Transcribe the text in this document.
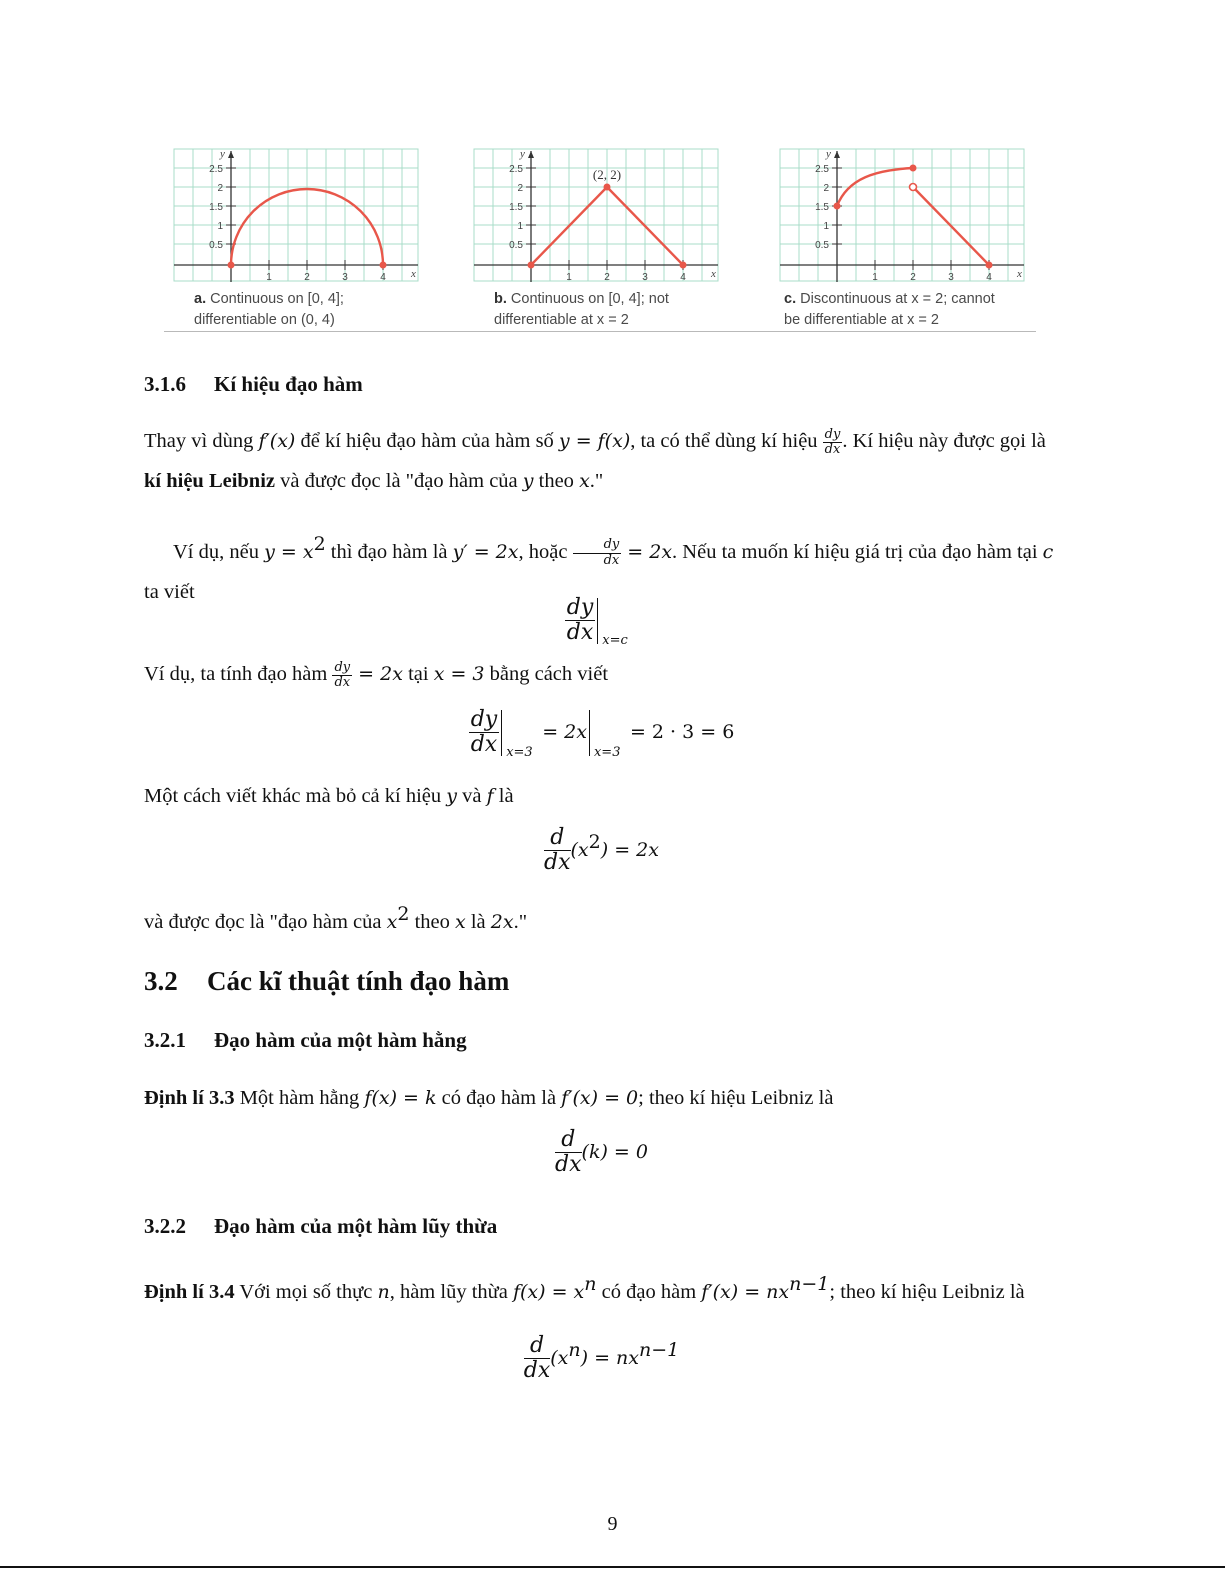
0.5
1
1.5
2
2.5
1	2	3	4 x
y
a. Continuous on [0, 4];
differentiable on (0, 4)
0.5
1
1.5
2
2.5
1	2	3	4 x
y
(2, 2)
b. Continuous on [0, 4]; not
differentiable at x = 2
0.5
1
1.5
2
2.5
1	2	3	4 x
y
c. Discontinuous at x = 2; cannot
be differentiable at x = 2
3.1.6 Kí hiệu đạo hàm
Thay vì dùng f′(x) để kí hiệu đạo hàm của hàm số y = f(x), ta có thể dùng kí hiệu $\frac{dy}{dx}$ . Kí hiệu này được gọi là kí hiệu Leibniz và được đọc là "đạo hàm của y theo x."
Ví dụ, nếu $y = x^2$ thì đạo hàm là y′ = 2x, hoặc $\frac{dy}{dx} = 2x$. Nếu ta muốn kí hiệu giá trị của đạo hàm tại c ta viết
$\frac{dy}{dx} x=c$
Ví dụ, ta tính đạo hàm $\frac{dy}{dx} = 2x$ tại x = 3 bằng cách viết
$\frac{dy}{dx} x=3$
= 2x
x=3
= 2 · 3 = 6
Một cách viết khác mà bỏ cả kí hiệu y và f là
$\frac{d}{dx} (x^2) = 2x$
và được đọc là "đạo hàm của $x^2$ theo x là 2x."
3.2 Các kĩ thuật tính đạo hàm
3.2.1 Đạo hàm của một hàm hằng
Định lí 3.3 Một hàm hằng f(x) = k có đạo hàm là f′(x) = 0; theo kí hiệu Leibniz là
$\frac{d}{dx} (k) = 0$
3.2.2 Đạo hàm của một hàm lũy thừa
Định lí 3.4 Với mọi số thực n, hàm lũy thừa $f(x) = x^n$ có đạo hàm $f'(x) = nx^{n-1}$; theo kí hiệu Leibniz là
$\frac{d}{dx} (x^n) = nx^{n-1}$
9
